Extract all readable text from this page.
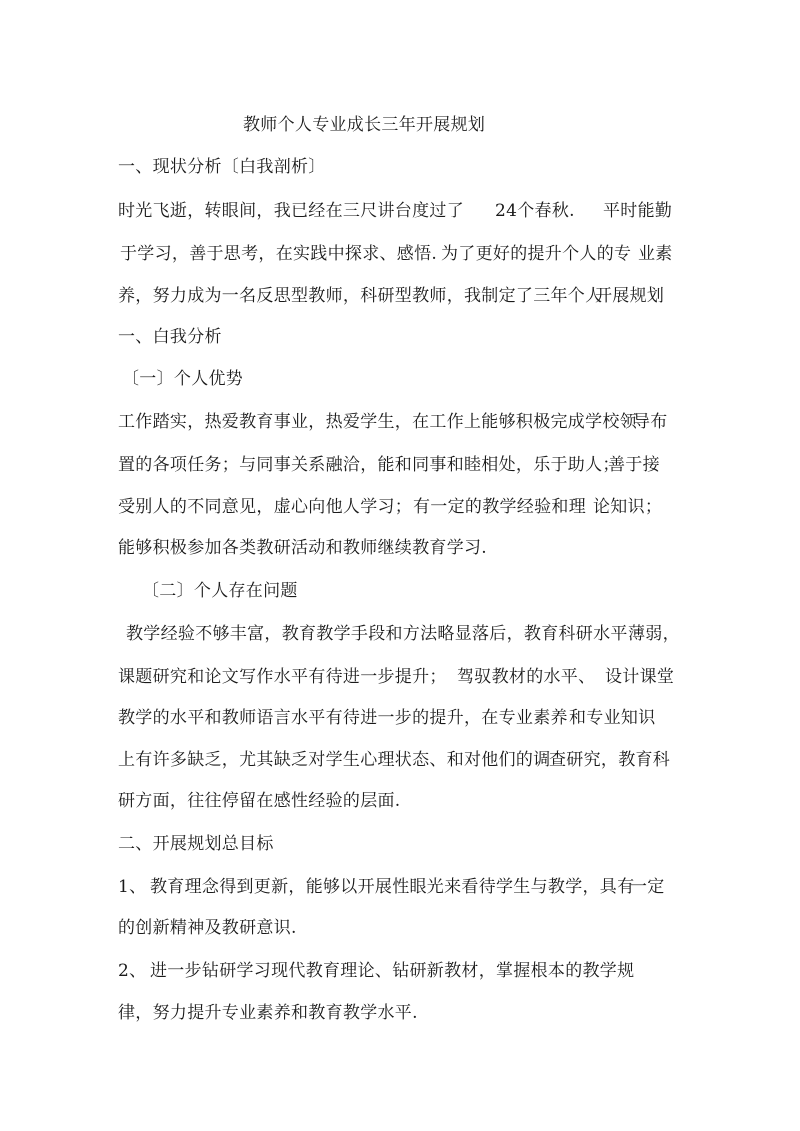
教师个人专业成长三年开展规划
一、现状分析〔白我剖析〕
时光飞逝，转眼间，我已经在三尺讲台度过了 24个春秋. 平时能勤
于学习，善于思考，在实践中探求、感悟. 为了更好的提升个人的专 业素
养，努力成为一名反思型教师，科研型教师，我制定了三年个人
开展规划
一、白我分析
〔一〕个人优势
工作踏实，热爱教育事业，热爱学生，在工作上能够积极完成学校领
导布
置的各项任务；与同事关系融洽，能和同事和睦相处，乐于助人；
善于接
受别人的不同意见，虚心向他人学习； 有一定的教学经验和理 论知识；
能够积极参加各类教研活动和教师继续教育学习.
〔二〕个人存在问题
教学经验不够丰富，教育教学手段和方法略显落后，教育科研水平 薄弱，
课题研究和论文写作水平有待进一步提升； 驾驭教材的水平、 设计课堂
教学的水平和教师语言水平有待进一步的提升，在专业素养 和专业知识
上有许多缺乏，尤其缺乏对学生心理状态、和对他们的调
查研究，教育科
研方面，往往停留在感性经验的层面.
二、开展规划总目标
1、 教育理念得到更新，能够以开展性眼光来看待学生与教学，具有
一定
的创新精神及教研意识.
2、 进一步钻研学习现代教育理论、钻研新教材，掌握根本的教学规
律，努力提升专业素养和教育教学水平.
